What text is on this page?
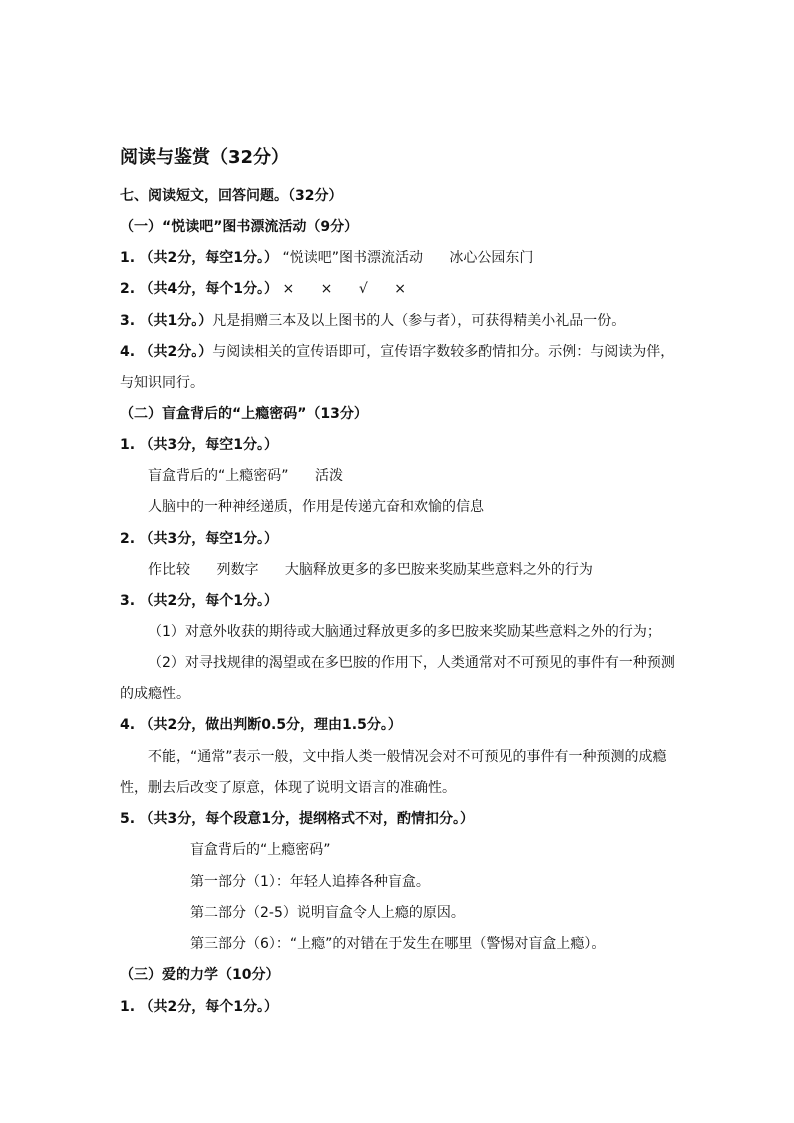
阅读与鉴赏（32分）
七、阅读短文，回答问题。（32分）
（一）“悦读吧”图书漂流活动（9分）
1. （共2分，每空1分。） “悦读吧”图书漂流活动 冰心公园东门
2. （共4分，每个1分。） × × √ ×
3. （共1分。）凡是捐赠三本及以上图书的人（参与者），可获得精美小礼品一份。
4. （共2分。）与阅读相关的宣传语即可，宣传语字数较多酌情扣分。示例：与阅读为伴，
与知识同行。
（二）盲盒背后的“上瘾密码”（13分）
1. （共3分，每空1分。）
盲盒背后的“上瘾密码” 活泼
人脑中的一种神经递质，作用是传递亢奋和欢愉的信息
2. （共3分，每空1分。）
作比较 列数字 大脑释放更多的多巴胺来奖励某些意料之外的行为
3. （共2分，每个1分。）
（1）对意外收获的期待或大脑通过释放更多的多巴胺来奖励某些意料之外的行为；
（2）对寻找规律的渴望或在多巴胺的作用下，人类通常对不可预见的事件有一种预测
的成瘾性。
4. （共2分，做出判断0.5分，理由1.5分。）
不能，“通常”表示一般，文中指人类一般情况会对不可预见的事件有一种预测的成瘾
性，删去后改变了原意，体现了说明文语言的准确性。
5. （共3分，每个段意1分，提纲格式不对，酌情扣分。）
盲盒背后的“上瘾密码”
第一部分（1）：年轻人追捧各种盲盒。
第二部分（2-5）说明盲盒令人上瘾的原因。
第三部分（6）：“上瘾”的对错在于发生在哪里（警惕对盲盒上瘾）。
（三）爱的力学（10分）
1. （共2分，每个1分。）
